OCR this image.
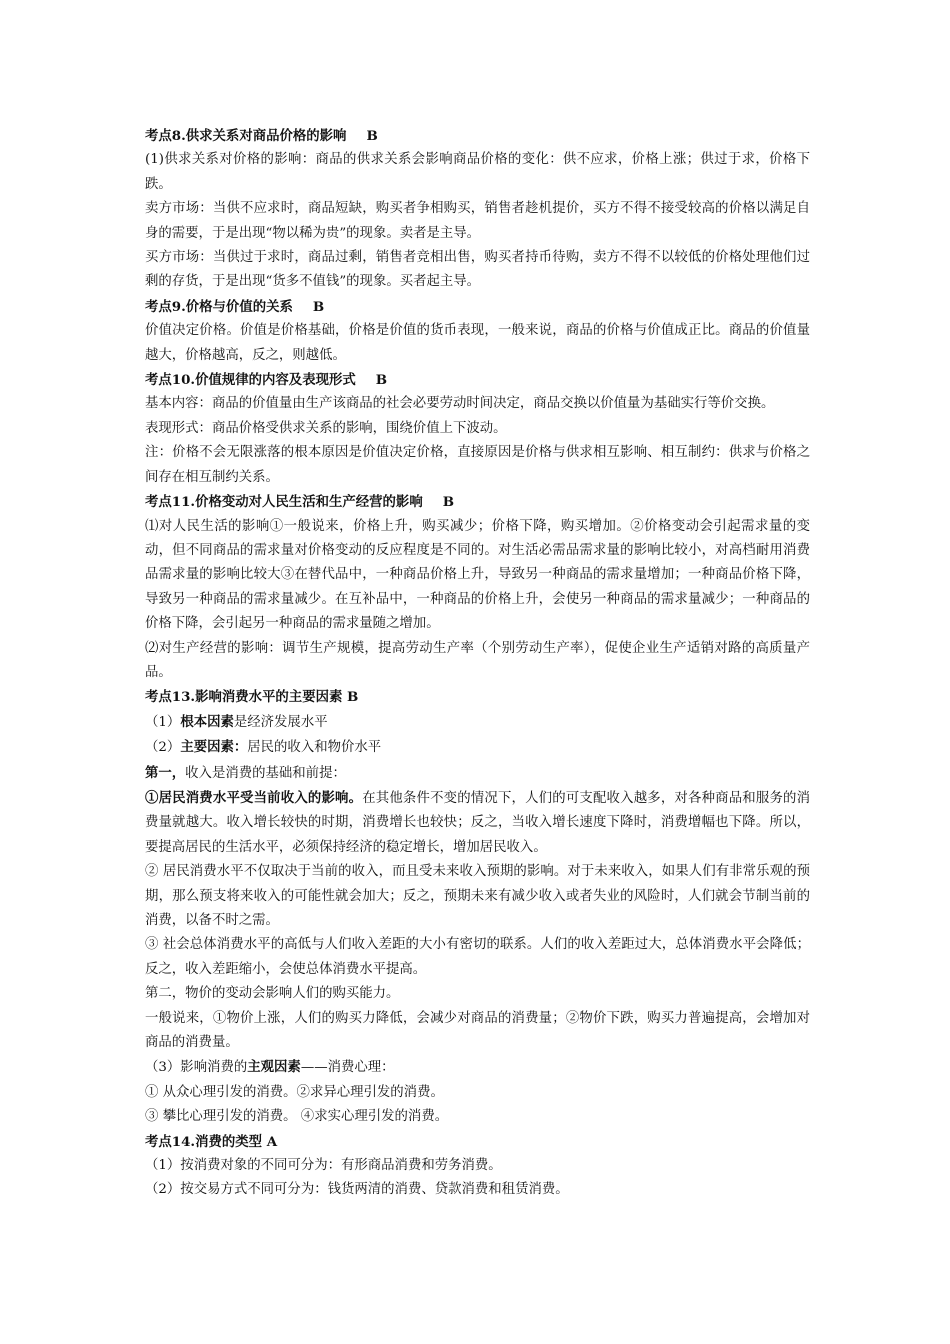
考点8.供求关系对商品价格的影响 B

(1)供求关系对价格的影响：商品的供求关系会影响商品价格的变化：供不应求，价格上涨；供过于求，价格下跌。

卖方市场：当供不应求时，商品短缺，购买者争相购买，销售者趁机提价，买方不得不接受较高的价格以满足自身的需要，于是出现“物以稀为贵”的现象。卖者是主导。

买方市场：当供过于求时，商品过剩，销售者竞相出售，购买者持币待购，卖方不得不以较低的价格处理他们过剩的存货，于是出现“货多不值钱”的现象。买者起主导。

考点9.价格与价值的关系 B

价值决定价格。价值是价格基础，价格是价值的货币表现，一般来说，商品的价格与价值成正比。商品的价值量越大，价格越高，反之，则越低。

考点10.价值规律的内容及表现形式 B

基本内容：商品的价值量由生产该商品的社会必要劳动时间决定，商品交换以价值量为基础实行等价交换。

表现形式：商品价格受供求关系的影响，围绕价值上下波动。

注：价格不会无限涨落的根本原因是价值决定价格，直接原因是价格与供求相互影响、相互制约：供求与价格之间存在相互制约关系。

考点11.价格变动对人民生活和生产经营的影响 B

⑴对人民生活的影响①一般说来，价格上升，购买减少；价格下降，购买增加。②价格变动会引起需求量的变动，但不同商品的需求量对价格变动的反应程度是不同的。对生活必需品需求量的影响比较小，对高档耐用消费品需求量的影响比较大③在替代品中，一种商品价格上升，导致另一种商品的需求量增加；一种商品价格下降，导致另一种商品的需求量减少。在互补品中，一种商品的价格上升，会使另一种商品的需求量减少；一种商品的价格下降，会引起另一种商品的需求量随之增加。

⑵对生产经营的影响：调节生产规模，提高劳动生产率（个别劳动生产率），促使企业生产适销对路的高质量产品。

考点13.影响消费水平的主要因素 B

（1）根本因素是经济发展水平

（2）主要因素：居民的收入和物价水平

第一，收入是消费的基础和前提：

①居民消费水平受当前收入的影响。在其他条件不变的情况下，人们的可支配收入越多，对各种商品和服务的消费量就越大。收入增长较快的时期，消费增长也较快；反之，当收入增长速度下降时，消费增幅也下降。所以，要提高居民的生活水平，必须保持经济的稳定增长，增加居民收入。

② 居民消费水平不仅取决于当前的收入，而且受未来收入预期的影响。对于未来收入，如果人们有非常乐观的预期，那么预支将来收入的可能性就会加大；反之，预期未来有减少收入或者失业的风险时，人们就会节制当前的消费，以备不时之需。

③ 社会总体消费水平的高低与人们收入差距的大小有密切的联系。人们的收入差距过大，总体消费水平会降低；反之，收入差距缩小，会使总体消费水平提高。

第二，物价的变动会影响人们的购买能力。

一般说来，①物价上涨，人们的购买力降低，会减少对商品的消费量；②物价下跌，购买力普遍提高，会增加对商品的消费量。

（3）影响消费的主观因素——消费心理：

① 从众心理引发的消费。②求异心理引发的消费。

③ 攀比心理引发的消费。 ④求实心理引发的消费。

考点14.消费的类型 A

（1）按消费对象的不同可分为：有形商品消费和劳务消费。

（2）按交易方式不同可分为：钱货两清的消费、贷款消费和租赁消费。
